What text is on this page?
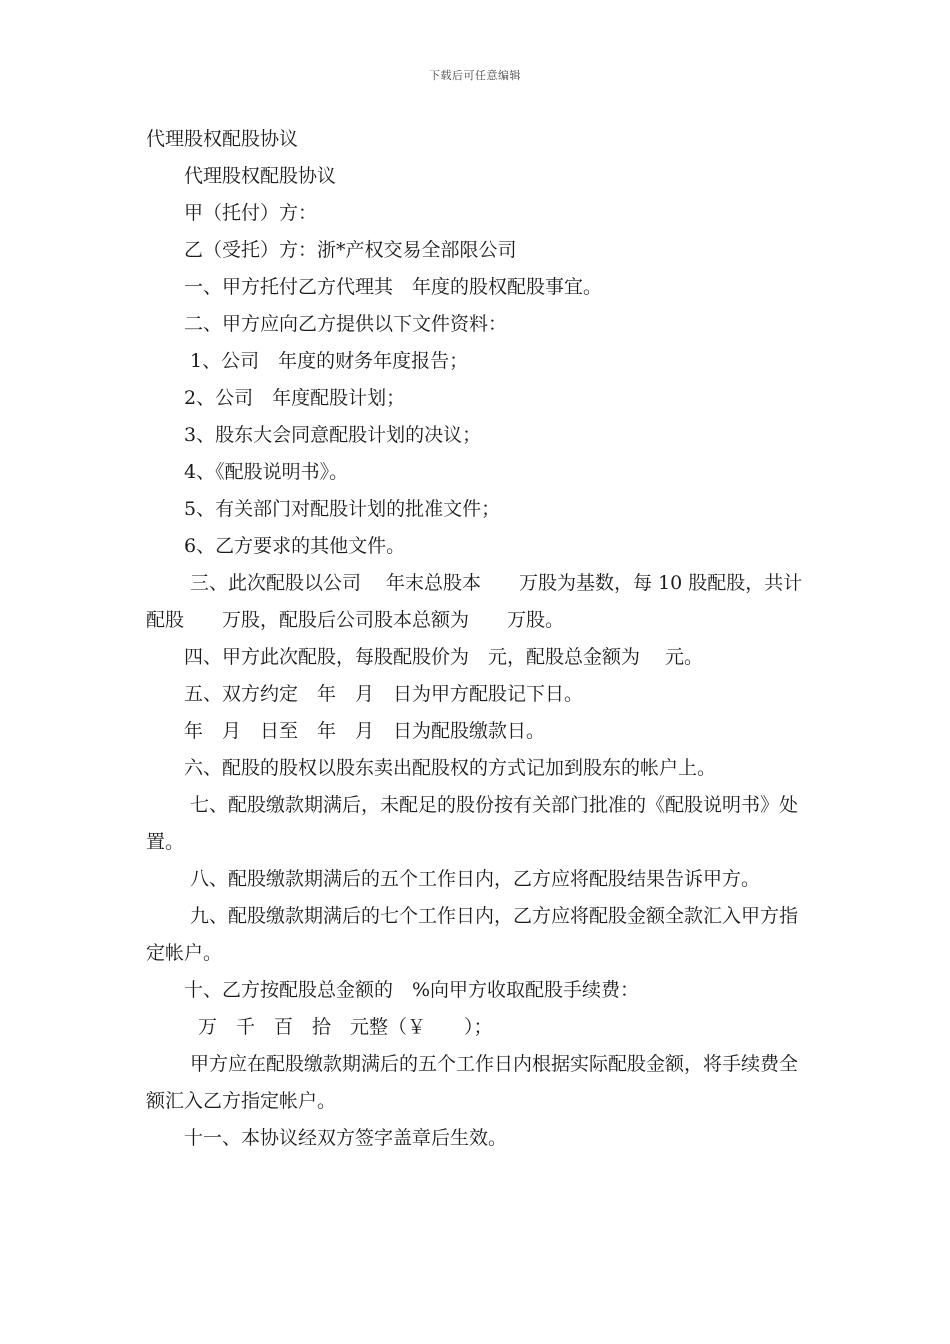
下载后可任意编辑

代理股权配股协议

代理股权配股协议

甲（托付）方：

乙（受托）方：浙*产权交易全部限公司

一、甲方托付乙方代理其　年度的股权配股事宜。

二、甲方应向乙方提供以下文件资料：

1、公司　年度的财务年度报告；

2、公司　年度配股计划；

3、股东大会同意配股计划的决议；

4、《配股说明书》。

5、有关部门对配股计划的批准文件；

6、乙方要求的其他文件。

三、此次配股以公司　 年末总股本　　万股为基数，每 10 股配股，共计配股　　万股，配股后公司股本总额为　　万股。

四、甲方此次配股，每股配股价为　元，配股总金额为　 元。

五、双方约定　年　月　日为甲方配股记下日。

年　月　日至　年　月　日为配股缴款日。

六、配股的股权以股东卖出配股权的方式记加到股东的帐户上。

七、配股缴款期满后，未配足的股份按有关部门批准的《配股说明书》处置。

八、配股缴款期满后的五个工作日内，乙方应将配股结果告诉甲方。

九、配股缴款期满后的七个工作日内，乙方应将配股金额全款汇入甲方指定帐户。

十、乙方按配股总金额的　%向甲方收取配股手续费：

万　千　百　拾　元整（￥　　）；

甲方应在配股缴款期满后的五个工作日内根据实际配股金额，将手续费全额汇入乙方指定帐户。

十一、本协议经双方签字盖章后生效。
